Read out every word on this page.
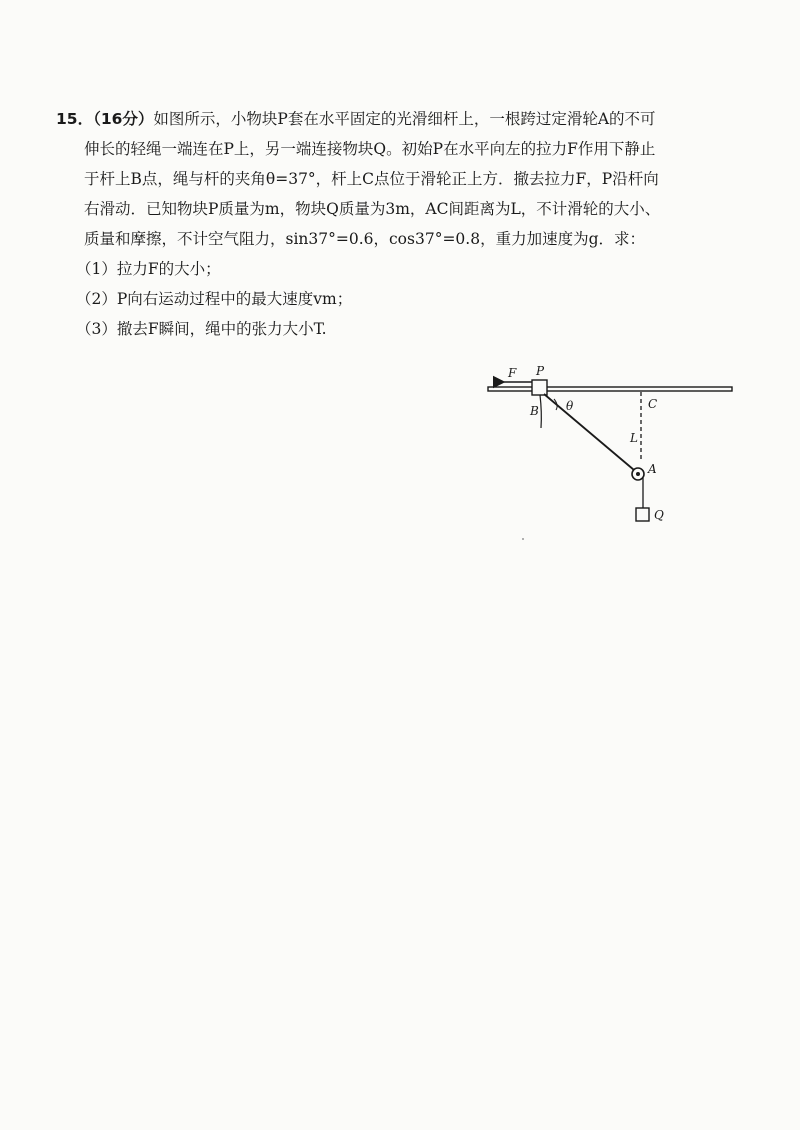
15．（16分）如图所示，小物块P套在水平固定的光滑细杆上，一根跨过定滑轮A的不可
伸长的轻绳一端连在P上，另一端连接物块Q。初始P在水平向左的拉力F作用下静止
于杆上B点，绳与杆的夹角θ=37°，杆上C点位于滑轮正上方．撤去拉力F，P沿杆向
右滑动．已知物块P质量为m，物块Q质量为3m，AC间距离为L，不计滑轮的大小、
质量和摩擦，不计空气阻力，sin37°=0.6，cos37°=0.8，重力加速度为g．求：
（1）拉力F的大小；
（2）P向右运动过程中的最大速度vm；
（3）撤去F瞬间，绳中的张力大小T.
F P
B θ	C
L
A
Q
